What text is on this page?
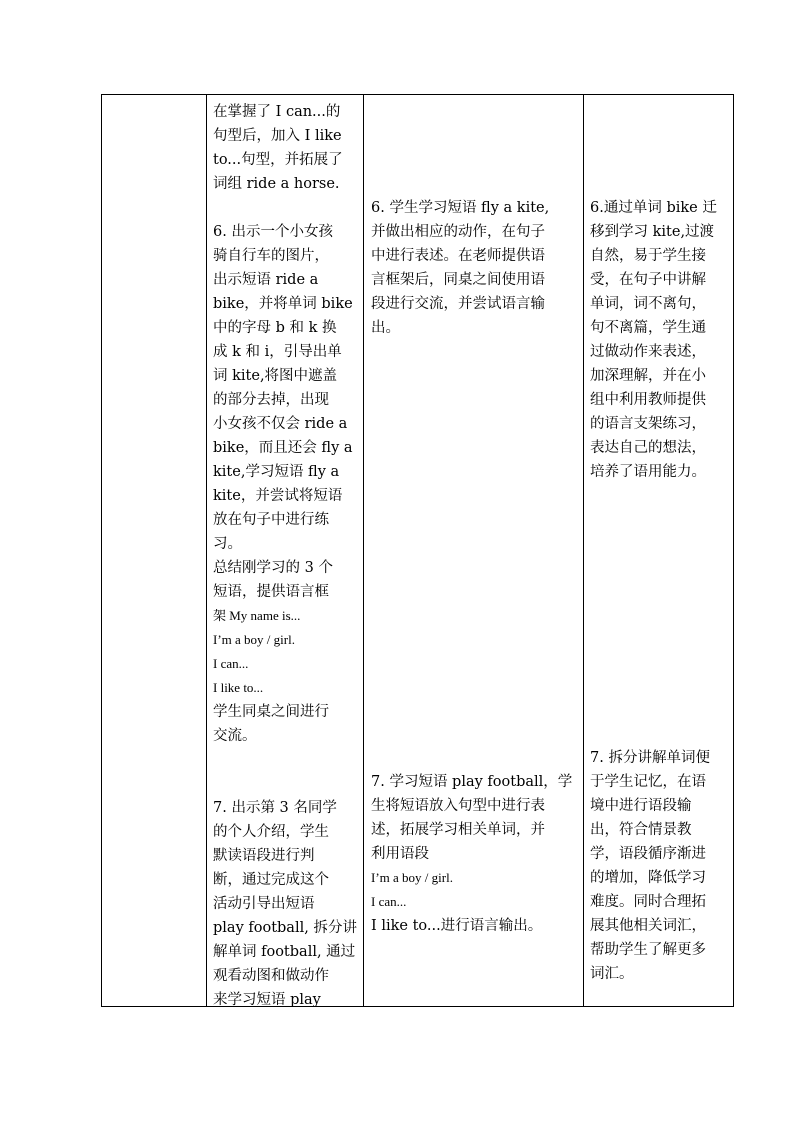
在掌握了 I can...的

句型后，加入 I like

to...句型，并拓展了

词组 ride a horse.

6. 出示一个小女孩

骑自行车的图片，

出示短语 ride a

bike，并将单词 bike

中的字母 b 和 k 换

成 k 和 i，引导出单

词 kite,将图中遮盖

的部分去掉，出现

小女孩不仅会 ride a

bike，而且还会 fly a

kite,学习短语 fly a

kite，并尝试将短语

放在句子中进行练

习。

总结刚学习的 3 个

短语，提供语言框

架 My name is...

I’m a boy / girl.

I can...

I like to...

学生同桌之间进行

交流。

7. 出示第 3 名同学

的个人介绍，学生

默读语段进行判

断，通过完成这个

活动引导出短语

play football, 拆分讲

解单词 football, 通过

观看动图和做动作

来学习短语 play

6. 学生学习短语 fly a kite,

并做出相应的动作，在句子

中进行表述。在老师提供语

言框架后，同桌之间使用语

段进行交流，并尝试语言输

出。

7. 学习短语 play football，学

生将短语放入句型中进行表

述，拓展学习相关单词，并

利用语段

I’m a boy / girl.

I can...

I like to...进行语言输出。

6.通过单词 bike 迁

移到学习 kite,过渡

自然，易于学生接

受，在句子中讲解

单词，词不离句，

句不离篇，学生通

过做动作来表述，

加深理解，并在小

组中利用教师提供

的语言支架练习，

表达自己的想法，

培养了语用能力。

7. 拆分讲解单词便

于学生记忆，在语

境中进行语段输

出，符合情景教

学，语段循序渐进

的增加，降低学习

难度。同时合理拓

展其他相关词汇，

帮助学生了解更多

词汇。
